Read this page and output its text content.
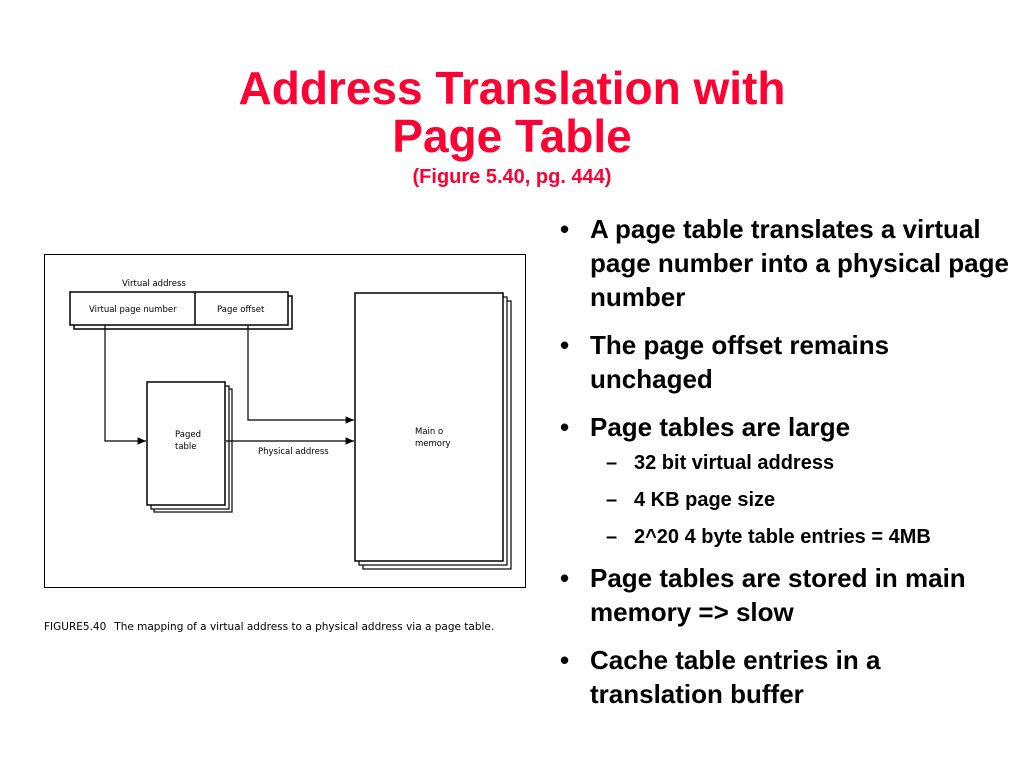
Address Translation with
Page Table
(Figure 5.40, pg. 444)
Virtual address
Virtual page number	Page offset
Paged
table
Main o
memory
Physical address
FIGURE5.40 The mapping of a virtual address to a physical address via a page table.
• A page table translates a virtual page number into a physical page number
• The page offset remains unchaged
• Page tables are large
– 32 bit virtual address
– 4 KB page size
– 2^20 4 byte table entries = 4MB
• Page tables are stored in main memory => slow
• Cache table entries in a translation buffer
